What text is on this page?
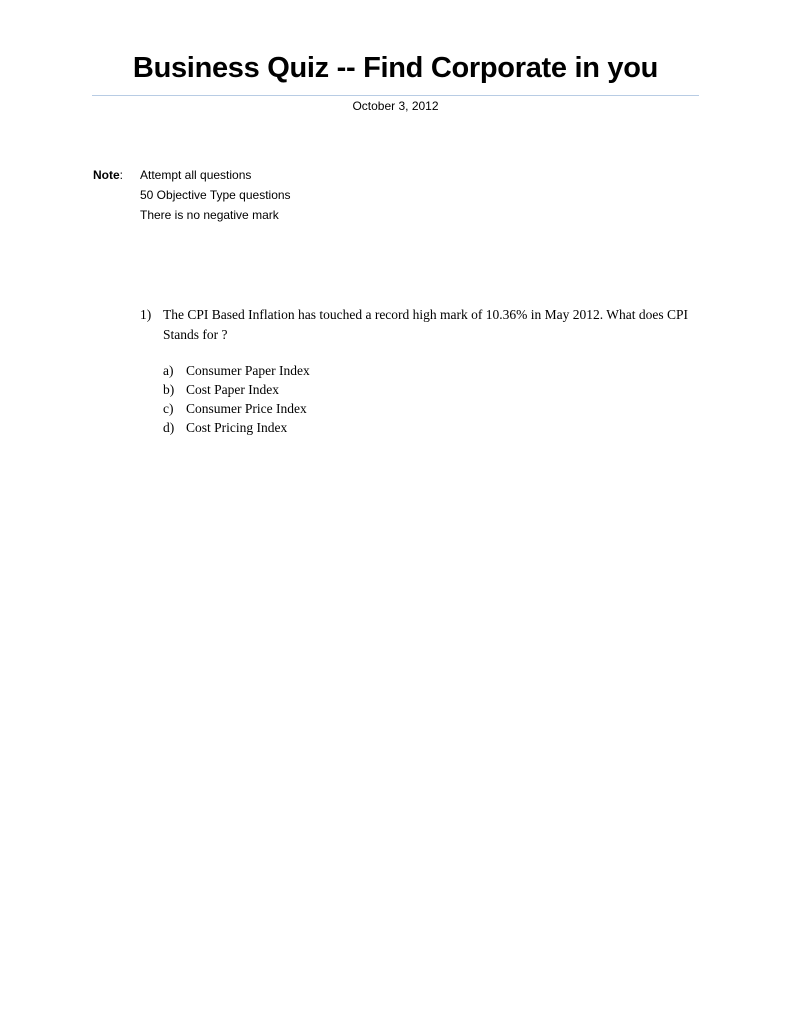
Business Quiz -- Find Corporate in you
October 3, 2012
Note: Attempt all questions
50 Objective Type questions
There is no negative mark
1) The CPI Based Inflation has touched a record high mark of 10.36% in May 2012. What does CPI Stands for ?
a) Consumer Paper Index
b) Cost Paper Index
c) Consumer Price Index
d) Cost Pricing Index
